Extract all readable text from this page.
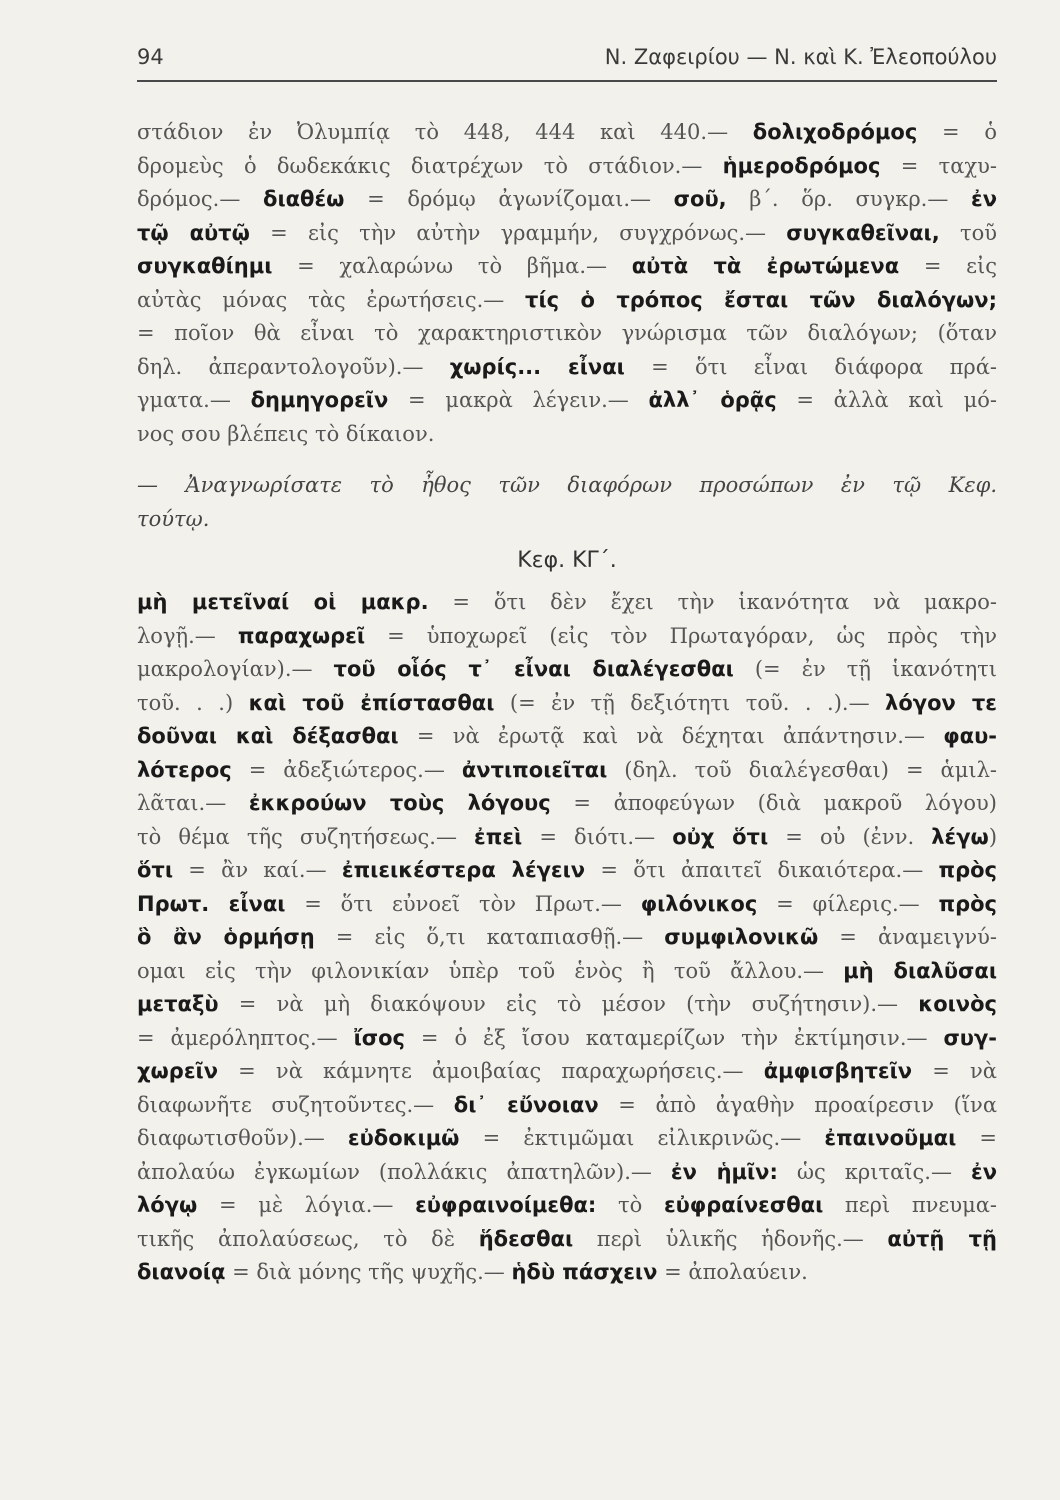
94	Ν. Ζαφειρίου — Ν. καὶ Κ. Ἐλεοπούλου
στάδιον ἐν Ὀλυμπίᾳ τὸ 448, 444 καὶ 440.— δολιχοδρόμος = ὁ
δρομεὺς ὁ δωδεκάκις διατρέχων τὸ στάδιον.— ἡμεροδρόμος = ταχυ-
δρόμος.— διαθέω = δρόμῳ ἀγωνίζομαι.— σοῦ, β΄. ὅρ. συγκρ.— ἐν
τῷ αὐτῷ = εἰς τὴν αὐτὴν γραμμήν, συγχρόνως.— συγκαθεῖναι, τοῦ
συγκαθίημι = χαλαρώνω τὸ βῆμα.— αὐτὰ τὰ ἐρωτώμενα = εἰς
αὐτὰς μόνας τὰς ἐρωτήσεις.— τίς ὁ τρόπος ἔσται τῶν διαλόγων;
= ποῖον θὰ εἶναι τὸ χαρακτηριστικὸν γνώρισμα τῶν διαλόγων; (ὅταν
δηλ. ἀπεραντολογοῦν).— χωρίς... εἶναι = ὅτι εἶναι διάφορα πρά-
γματα.— δημηγορεῖν = μακρὰ λέγειν.— ἀλλ᾽ ὁρᾷς = ἀλλὰ καὶ μό-
νος σου βλέπεις τὸ δίκαιον.
— Ἀναγνωρίσατε τὸ ἦθος τῶν διαφόρων προσώπων ἐν τῷ Κεφ.
τούτῳ.
Κεφ. ΚΓ΄.
μὴ μετεῖναί οἱ μακρ. = ὅτι δὲν ἔχει τὴν ἱκανότητα νὰ μακρο-
λογῇ.— παραχωρεῖ = ὑποχωρεῖ (εἰς τὸν Πρωταγόραν, ὡς πρὸς τὴν
μακρολογίαν).— τοῦ οἷός τ᾽ εἶναι διαλέγεσθαι (= ἐν τῇ ἱκανότητι
τοῦ. . .) καὶ τοῦ ἐπίστασθαι (= ἐν τῇ δεξιότητι τοῦ. . .).— λόγον τε
δοῦναι καὶ δέξασθαι = νὰ ἐρωτᾷ καὶ νὰ δέχηται ἀπάντησιν.— φαυ-
λότερος = ἀδεξιώτερος.— ἀντιποιεῖται (δηλ. τοῦ διαλέγεσθαι) = ἁμιλ-
λᾶται.— ἐκκρούων τοὺς λόγους = ἀποφεύγων (διὰ μακροῦ λόγου)
τὸ θέμα τῆς συζητήσεως.— ἐπεὶ = διότι.— οὐχ ὅτι = οὐ (ἐνν. λέγω)
ὅτι = ἂν καί.— ἐπιεικέστερα λέγειν = ὅτι ἀπαιτεῖ δικαιότερα.— πρὸς
Πρωτ. εἶναι = ὅτι εὐνοεῖ τὸν Πρωτ.— φιλόνικος = φίλερις.— πρὸς
ὃ ἂν ὁρμήσῃ = εἰς ὅ,τι καταπιασθῇ.— συμφιλονικῶ = ἀναμειγνύ-
ομαι εἰς τὴν φιλονικίαν ὑπὲρ τοῦ ἑνὸς ἢ τοῦ ἄλλου.— μὴ διαλῦσαι
μεταξὺ = νὰ μὴ διακόψουν εἰς τὸ μέσον (τὴν συζήτησιν).— κοινὸς
= ἀμερόληπτος.— ἴσος = ὁ ἐξ ἴσου καταμερίζων τὴν ἐκτίμησιν.— συγ-
χωρεῖν = νὰ κάμνητε ἀμοιβαίας παραχωρήσεις.— ἀμφισβητεῖν = νὰ
διαφωνῆτε συζητοῦντες.— δι᾽ εὔνοιαν = ἀπὸ ἀγαθὴν προαίρεσιν (ἵνα
διαφωτισθοῦν).— εὐδοκιμῶ = ἐκτιμῶμαι εἰλικρινῶς.— ἐπαινοῦμαι =
ἀπολαύω ἐγκωμίων (πολλάκις ἀπατηλῶν).— ἐν ἡμῖν: ὡς κριταῖς.— ἐν
λόγῳ = μὲ λόγια.— εὐφραινοίμεθα: τὸ εὐφραίνεσθαι περὶ πνευμα-
τικῆς ἀπολαύσεως, τὸ δὲ ἥδεσθαι περὶ ὑλικῆς ἡδονῆς.— αὐτῇ τῇ
διανοίᾳ = διὰ μόνης τῆς ψυχῆς.— ἡδὺ πάσχειν = ἀπολαύειν.
